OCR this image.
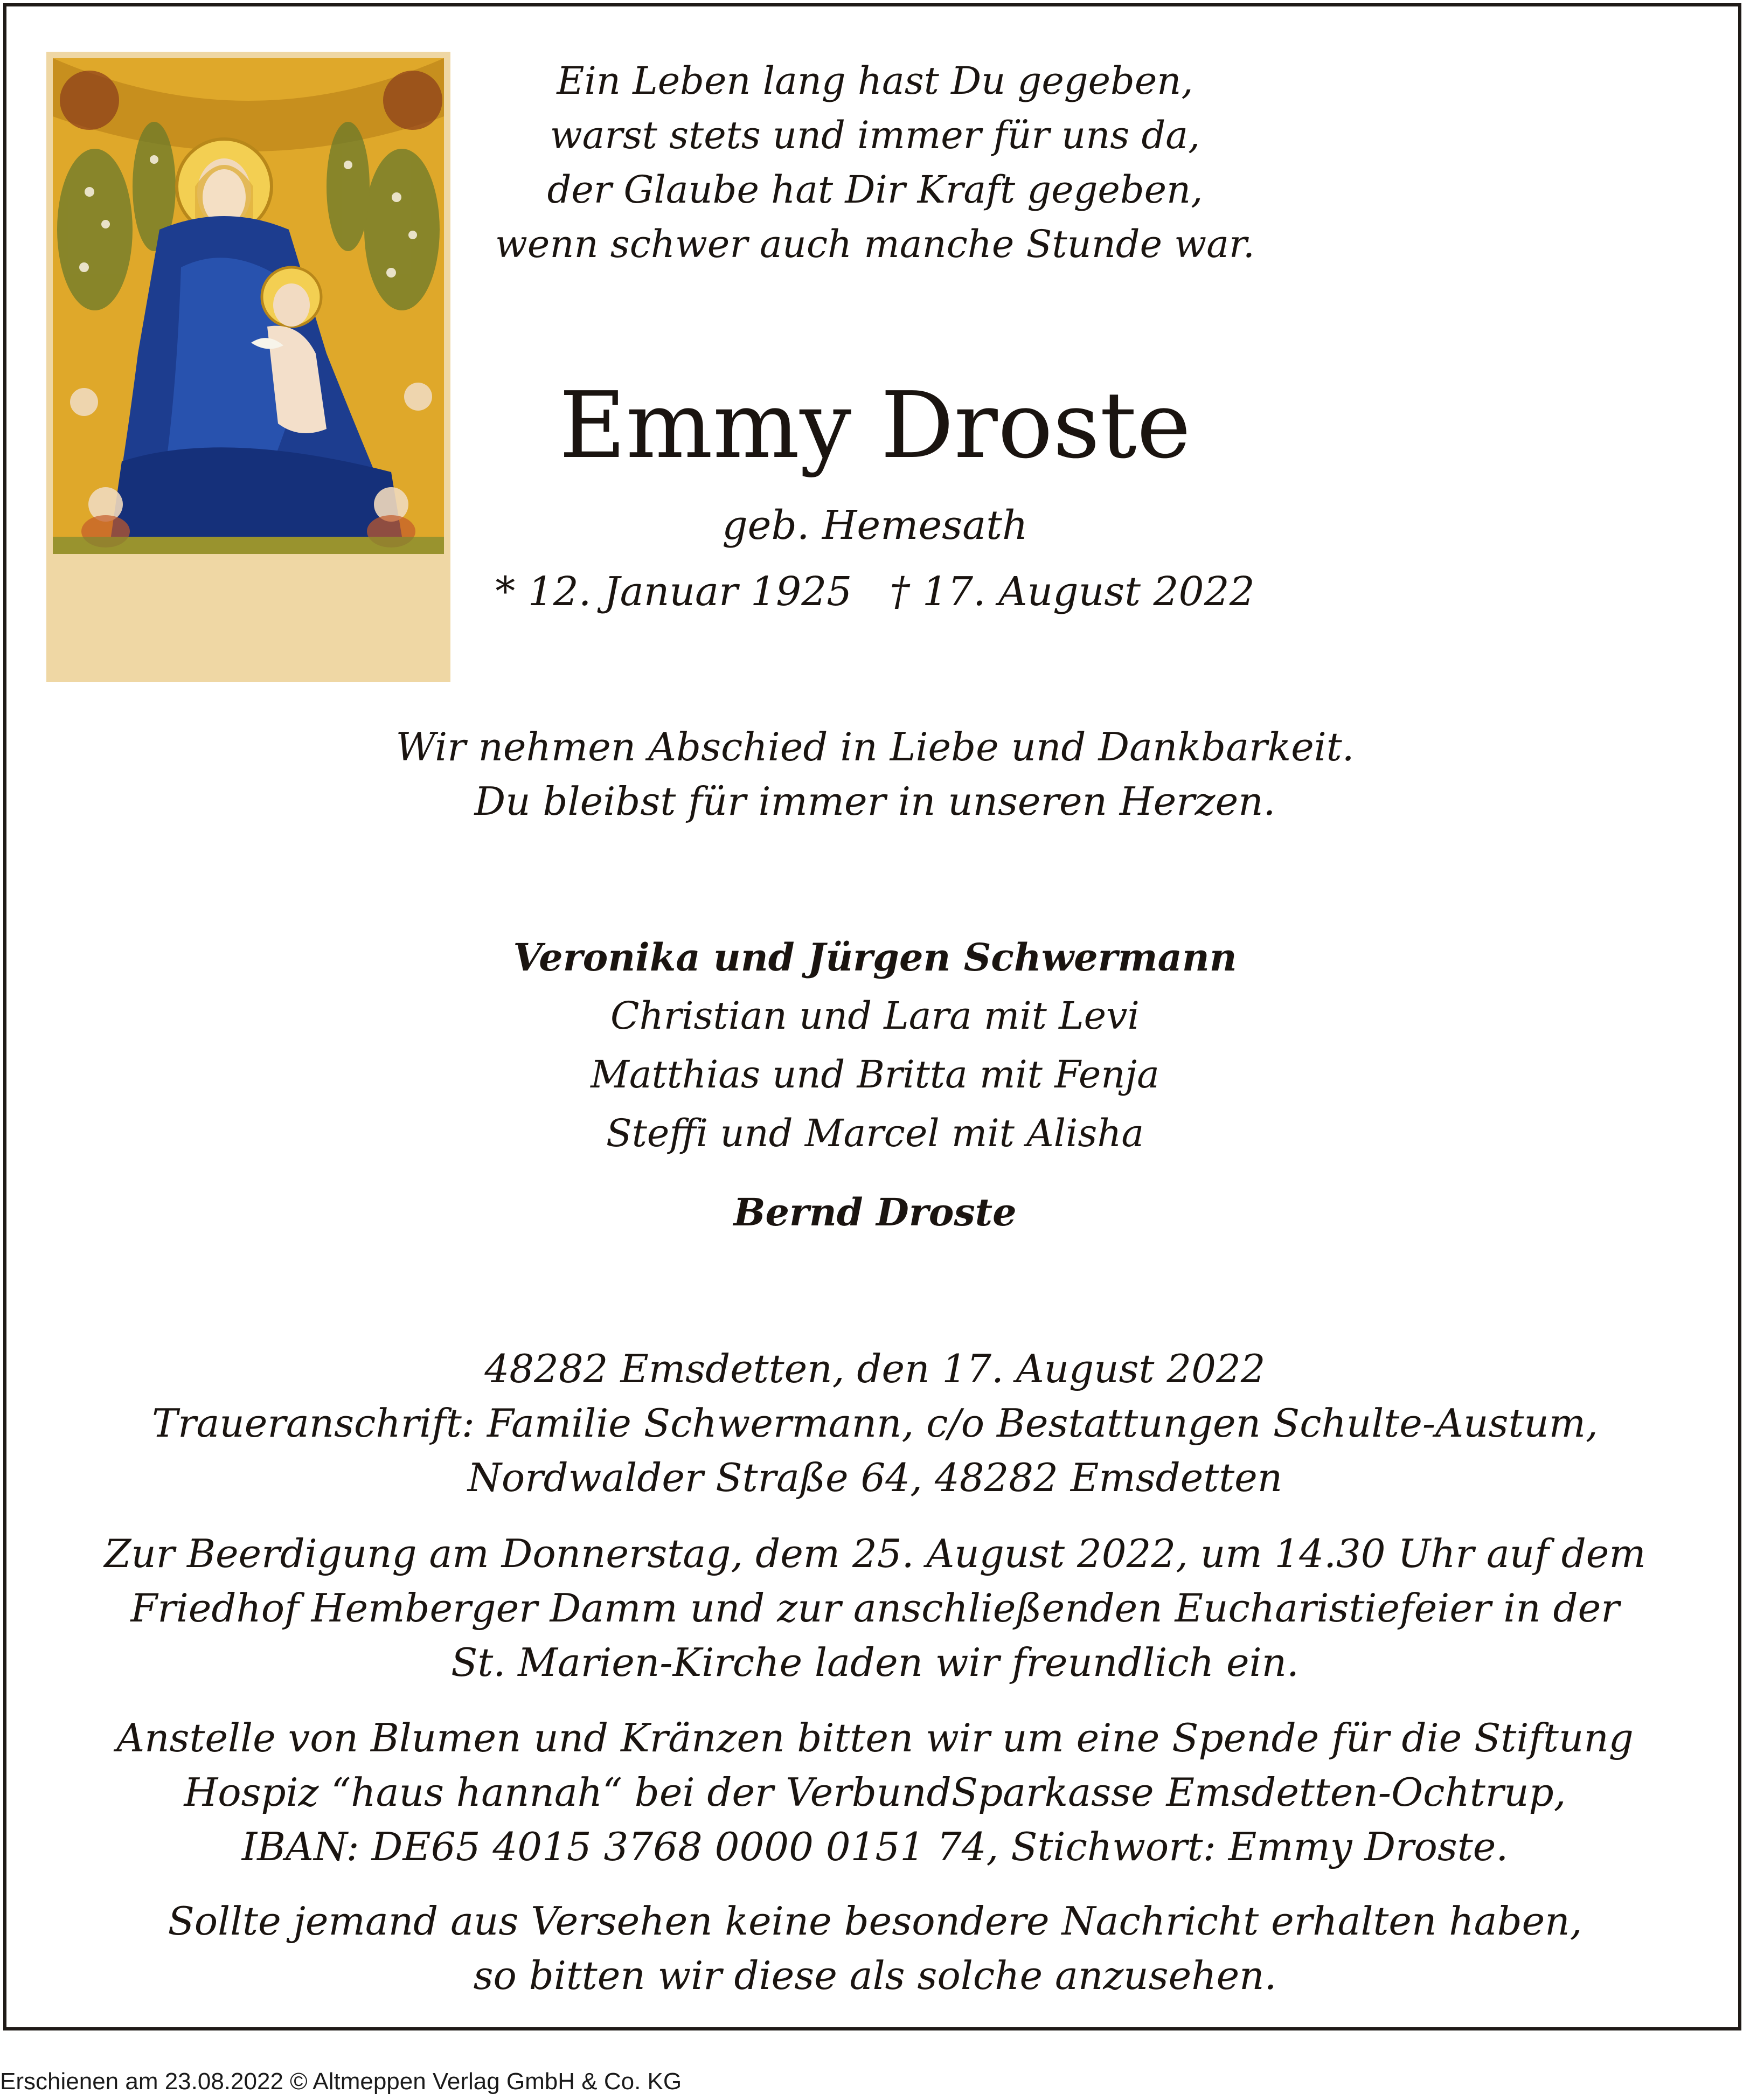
Ein Leben lang hast Du gegeben,
warst stets und immer für uns da,
der Glaube hat Dir Kraft gegeben,
wenn schwer auch manche Stunde war.
Emmy Droste
geb. Hemesath
* 12. Januar 1925 † 17. August 2022
Wir nehmen Abschied in Liebe und Dankbarkeit.
Du bleibst für immer in unseren Herzen.
Veronika und Jürgen Schwermann
Christian und Lara mit Levi
Matthias und Britta mit Fenja
Steffi und Marcel mit Alisha
Bernd Droste
48282 Emsdetten, den 17. August 2022
Traueranschrift: Familie Schwermann, c/o Bestattungen Schulte-Austum,
Nordwalder Straße 64, 48282 Emsdetten
Zur Beerdigung am Donnerstag, dem 25. August 2022, um 14.30 Uhr auf dem
Friedhof Hemberger Damm und zur anschließenden Eucharistiefeier in der
St. Marien-Kirche laden wir freundlich ein.
Anstelle von Blumen und Kränzen bitten wir um eine Spende für die Stiftung
Hospiz “haus hannah“ bei der VerbundSparkasse Emsdetten-Ochtrup,
IBAN: DE65 4015 3768 0000 0151 74, Stichwort: Emmy Droste.
Sollte jemand aus Versehen keine besondere Nachricht erhalten haben,
so bitten wir diese als solche anzusehen.
Erschienen am 23.08.2022 © Altmeppen Verlag GmbH & Co. KG
